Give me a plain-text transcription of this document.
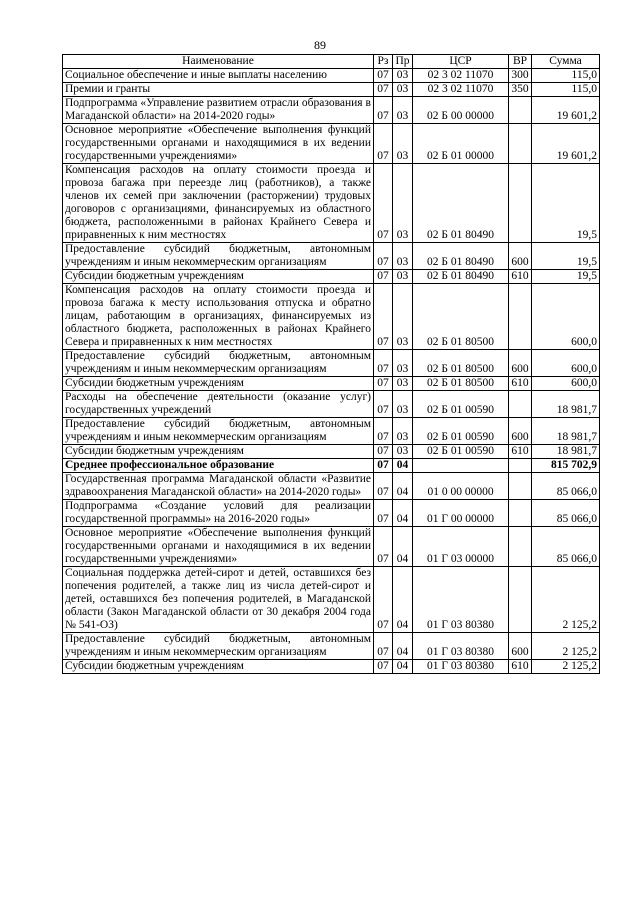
89
Наименование	Рз	Пр	ЦСР	ВР	Сумма
Социальное обеспечение и иные выплаты населению	07	03	02 3 02 11070	300	115,0
Премии и гранты	07	03	02 3 02 11070	350	115,0
Подпрограмма «Управление развитием отрасли образования в Магаданской области» на 2014-2020 годы»	07	03	02 Б 00 00000		19 601,2
Основное мероприятие «Обеспечение выполнения функций государственными органами и находящимися в их ведении государственными учреждениями»	07	03	02 Б 01 00000		19 601,2
Компенсация расходов на оплату стоимости проезда и провоза багажа при переезде лиц (работников), а также членов их семей при заключении (расторжении) трудовых договоров с организациями, финансируемых из областного бюджета, расположенными в районах Крайнего Севера и приравненных к ним местностях	07	03	02 Б 01 80490		19,5
Предоставление субсидий бюджетным, автономным учреждениям и иным некоммерческим организациям	07	03	02 Б 01 80490	600	19,5
Субсидии бюджетным учреждениям	07	03	02 Б 01 80490	610	19,5
Компенсация расходов на оплату стоимости проезда и провоза багажа к месту использования отпуска и обратно лицам, работающим в организациях, финансируемых из областного бюджета, расположенных в районах Крайнего Севера и приравненных к ним местностях	07	03	02 Б 01 80500		600,0
Предоставление субсидий бюджетным, автономным учреждениям и иным некоммерческим организациям	07	03	02 Б 01 80500	600	600,0
Субсидии бюджетным учреждениям	07	03	02 Б 01 80500	610	600,0
Расходы на обеспечение деятельности (оказание услуг) государственных учреждений	07	03	02 Б 01 00590		18 981,7
Предоставление субсидий бюджетным, автономным учреждениям и иным некоммерческим организациям	07	03	02 Б 01 00590	600	18 981,7
Субсидии бюджетным учреждениям	07	03	02 Б 01 00590	610	18 981,7
Среднее профессиональное образование	07	04			815 702,9
Государственная программа Магаданской области «Развитие здравоохранения Магаданской области» на 2014-2020 годы»	07	04	01 0 00 00000		85 066,0
Подпрограмма «Создание условий для реализации государственной программы» на 2016-2020 годы»	07	04	01 Г 00 00000		85 066,0
Основное мероприятие «Обеспечение выполнения функций государственными органами и находящимися в их ведении государственными учреждениями»	07	04	01 Г 03 00000		85 066,0
Социальная поддержка детей-сирот и детей, оставшихся без попечения родителей, а также лиц из числа детей-сирот и детей, оставшихся без попечения родителей, в Магаданской области (Закон Магаданской области от 30 декабря 2004 года № 541-ОЗ)	07	04	01 Г 03 80380		2 125,2
Предоставление субсидий бюджетным, автономным учреждениям и иным некоммерческим организациям	07	04	01 Г 03 80380	600	2 125,2
Субсидии бюджетным учреждениям	07	04	01 Г 03 80380	610	2 125,2
